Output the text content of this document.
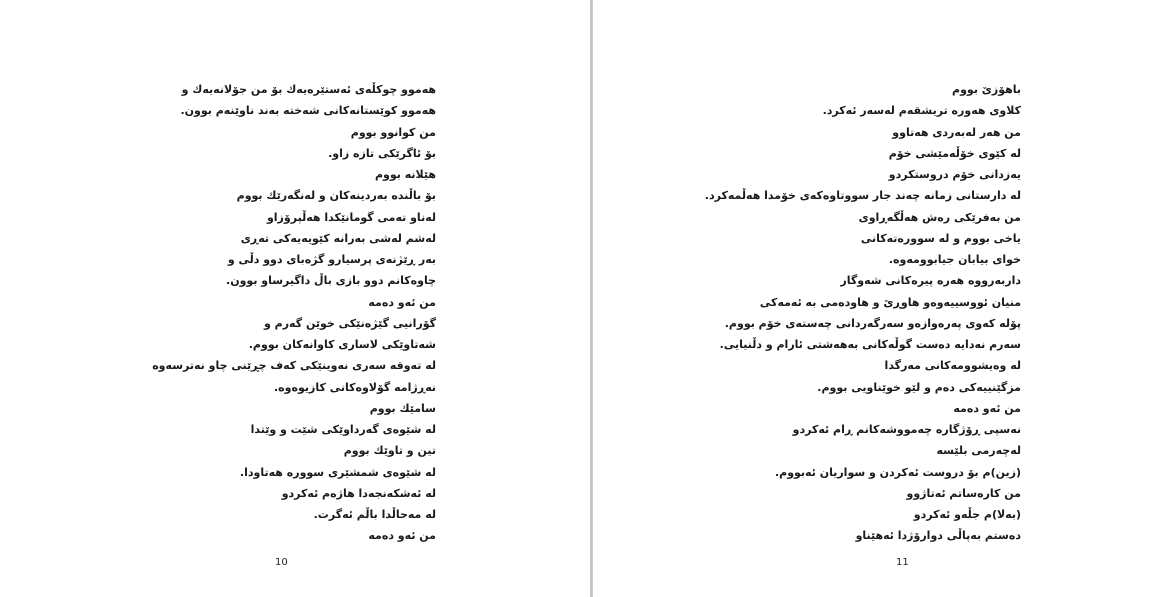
هەموو چوکڵەی ئەستێرەیەك بۆ من جۆلانەیەك و
هەموو کوێستانەکانی شەختە بەند ناوێنەم بوون.
من کوانوو بووم
بۆ ئاگرێکی تازە زاو.
هێلانە بووم
بۆ باڵندە بەردینەکان و لەنگەرێك بووم
لەناو تەمی گومانێکدا هەڵپرۆزاو
لەشم لەشی بەرانە کێویەیەکی تەڕی
بەر ڕێژنەی پرسیارو گژەبای دوو دڵی و
چاوەکانم دوو بازی باڵ داگیرساو بوون.
من ئەو دەمە
گۆرانیی گێژەنێکی خوێن گەرم و
شەتاوێکی لاساری کاوانەکان بووم.
لە تەوقە سەری نەوینێکی کەف چڕێنی چاو نەترسەوە
نەڕژامە گۆلاوەکانی کازیوەوە.
سامێك بووم
لە شێوەی گەرداوێکی شێت و وێتدا
تین و تاوێك بووم
لە شێوەی شمشێری سوورە هەتاودا.
لە ئەشکەنجەدا هاژەم ئەکردو
لە مەحاڵدا باڵم ئەگرت.
من ئەو دەمە
10
باهۆزێ بووم
کلاوی هەورە تریشقەم لەسەر ئەکرد.
من هەر لەبەردی هەتاوو
لە کێوی خۆڵەمێشی خۆم
یەزدانی خۆم دروستکردو
لە دارستانی زمانە چەند جار سووتاوەکەی خۆمدا هەڵمەکرد.
من بەفرێکی رەش هەڵگەڕاوی
یاخی بووم و لە سوورەتەکانی
خوای بیابان جیابوومەوە.
داربەرووە هەرە پیرەکانی شەوگار
منیان ئووسییەوەو هاوڕێ و هاودەمی بە ئەمەکی
پۆلە کەوی پەرەوازەو سەرگەردانی چەستەی خۆم بووم.
سەرم نەدایە دەست گوڵەکانی بەهەشتی ئارام و دڵنیایی.
لە وەیشوومەکانی مەرگدا
مزگێنییەکی دەم و لێو خوێناویی بووم.
من ئەو دەمە
نەسپی ڕۆژگارە چەمووشەکانم ڕام ئەکردو
لەچەرمی بلێسە
(زین)م بۆ دروست ئەکردن و سواریان ئەبووم.
من کارەساتم ئەتاژوو
(بەلا)م جڵەو ئەکردو
دەستم بەپاڵی دوارۆژدا ئەهێناو
11
